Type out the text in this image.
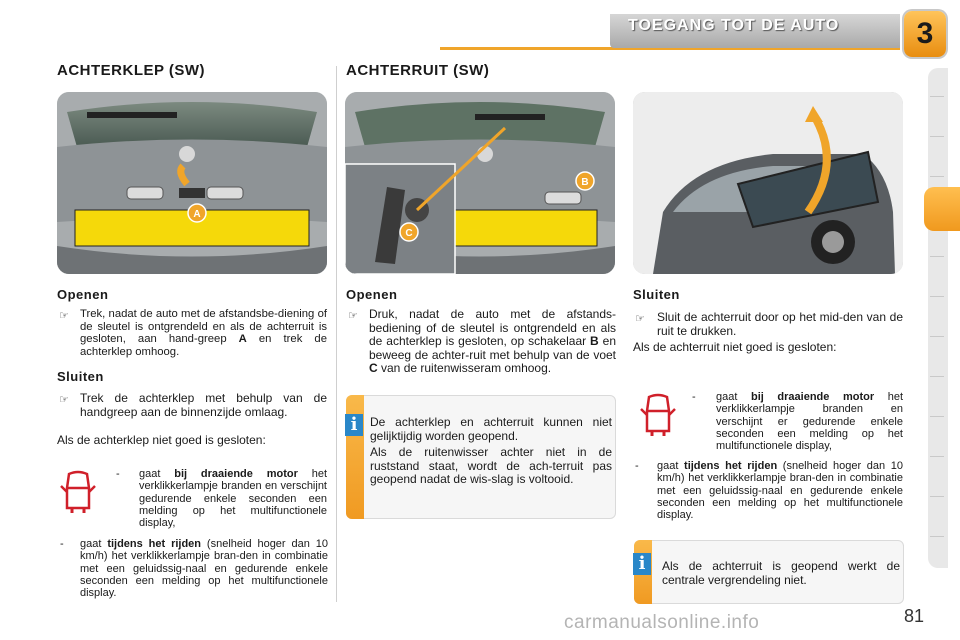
TOEGANG TOT DE AUTO	3
ACHTERKLEP (SW)
A
Openen
☞ Trek, nadat de auto met de afstandsbe-diening of de sleutel is ontgrendeld en als de achterruit is gesloten, aan hand-greep A en trek de achterklep omhoog.

Sluiten
☞ Trek de achterklep met behulp van de handgreep aan de binnenzijde omlaag.

Als de achterklep niet goed is gesloten:

- gaat bij draaiende motor het verklikkerlampje branden en verschijnt gedurende enkele seconden een melding op het multifunctionele display,

- gaat tijdens het rijden (snelheid hoger dan 10 km/h) het verklikkerlampje bran-den in combinatie met een geluidssig-naal en gedurende enkele seconden een melding op het multifunctionele display.

ACHTERRUIT (SW)
B
C
Openen
☞ Druk, nadat de auto met de afstands-bediening of de sleutel is ontgrendeld en als de achterklep is gesloten, op schakelaar B en beweeg de achter-ruit met behulp van de voet C van de ruitenwisseram omhoog.

i	De achterklep en achterruit kunnen niet gelijktijdig worden geopend.

Als de ruitenwisser achter niet in de ruststand staat, wordt de ach-terruit pas geopend nadat de wis-slag is voltooid.

Sluiten
☞ Sluit de achterruit door op het mid-den van de ruit te drukken.

Als de achterruit niet goed is gesloten:

- gaat bij draaiende motor het verklikkerlampje branden en verschijnt er gedurende enkele seconden een melding op het multifunctionele display,

- gaat tijdens het rijden (snelheid hoger dan 10 km/h) het verklikkerlampje bran-den in combinatie met een geluidssig-naal en gedurende enkele seconden een melding op het multifunctionele display.

i	Als de achterruit is geopend werkt de centrale vergrendeling niet.

carmanualsonline.info	81
